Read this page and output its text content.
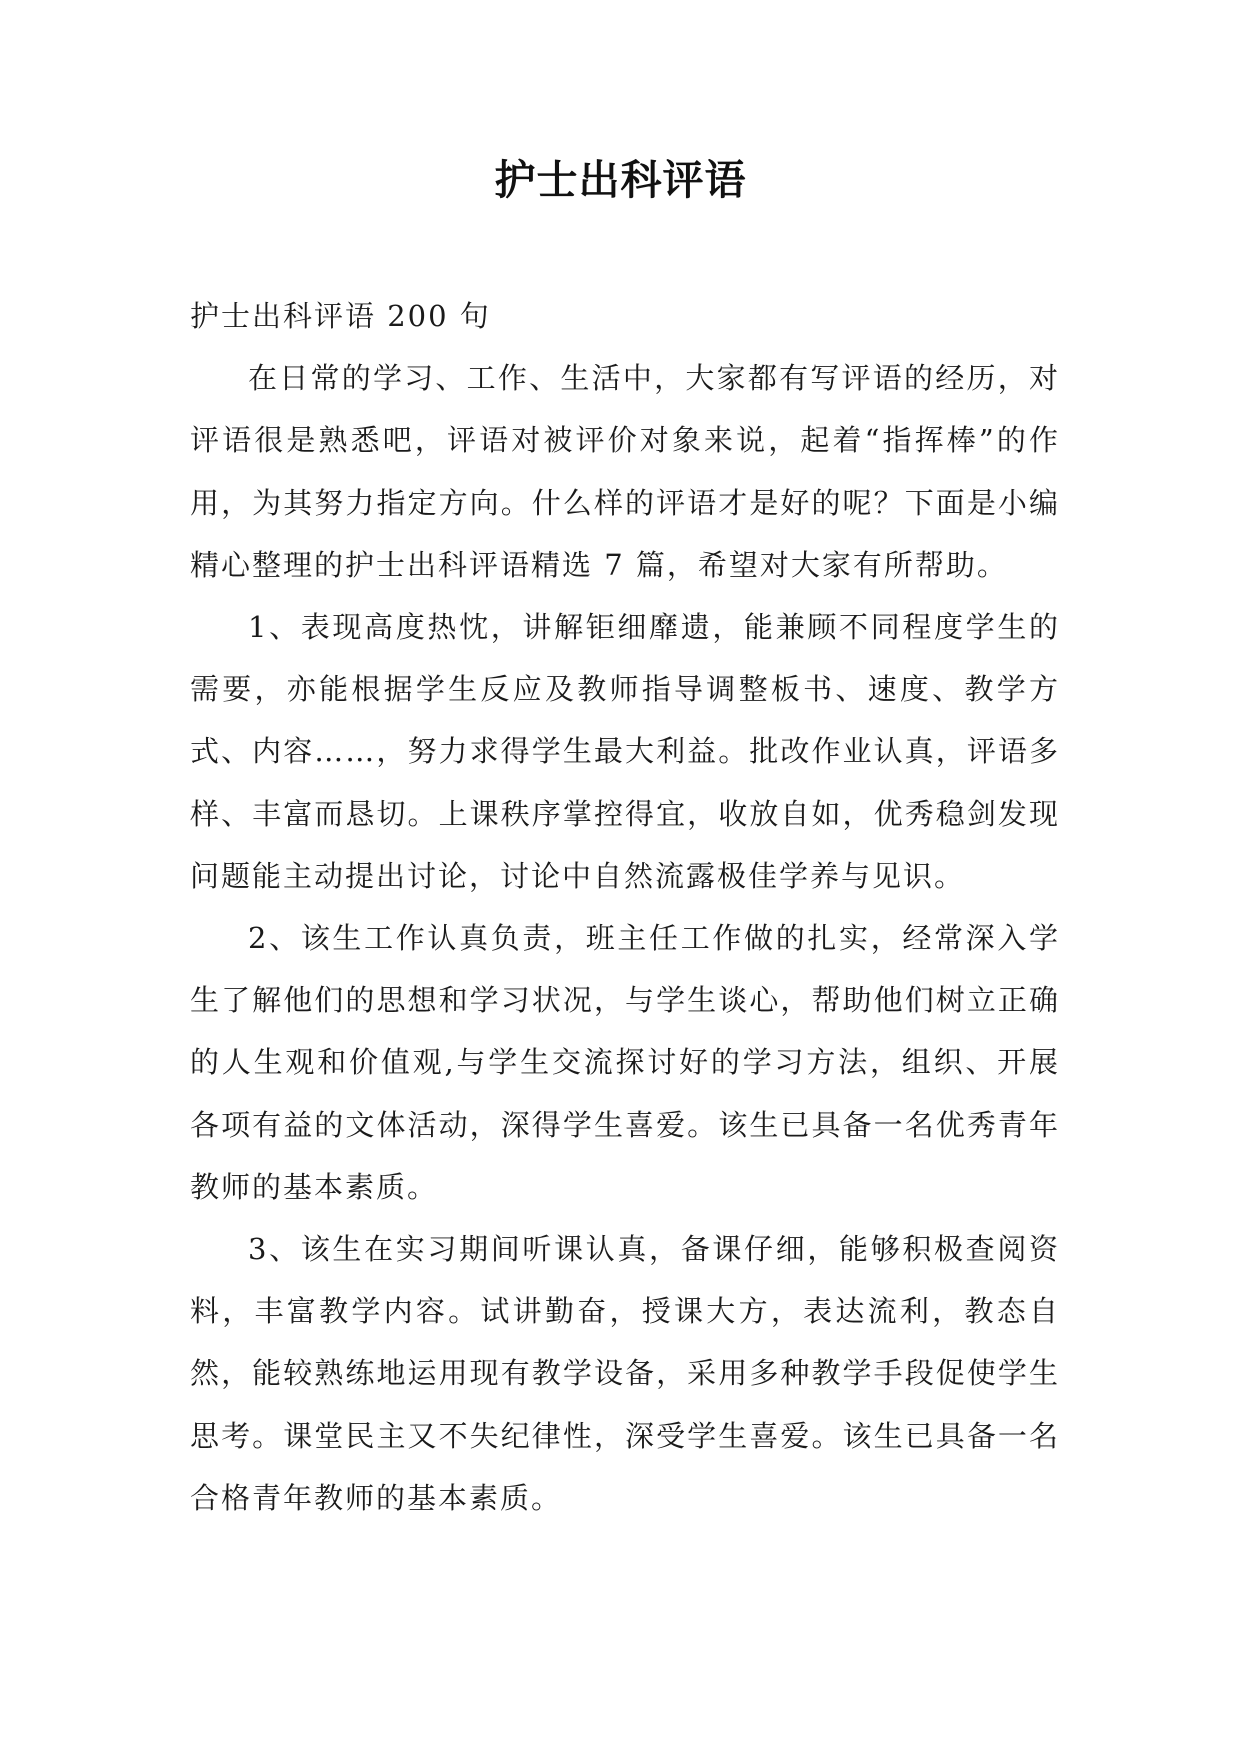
护士出科评语

护士出科评语 200 句

在日常的学习、工作、生活中，大家都有写评语的经历，对评语很是熟悉吧，评语对被评价对象来说，起着“指挥棒”的作用，为其努力指定方向。什么样的评语才是好的呢？下面是小编精心整理的护士出科评语精选 7 篇，希望对大家有所帮助。

1、表现高度热忱，讲解钜细靡遗，能兼顾不同程度学生的需要，亦能根据学生反应及教师指导调整板书、速度、教学方式、内容……，努力求得学生最大利益。批改作业认真，评语多样、丰富而恳切。上课秩序掌控得宜，收放自如，优秀稳剑发现问题能主动提出讨论，讨论中自然流露极佳学养与见识。

2、该生工作认真负责，班主任工作做的扎实，经常深入学生了解他们的思想和学习状况，与学生谈心，帮助他们树立正确的人生观和价值观,与学生交流探讨好的学习方法，组织、开展各项有益的文体活动，深得学生喜爱。该生已具备一名优秀青年教师的基本素质。

3、该生在实习期间听课认真，备课仔细，能够积极查阅资料，丰富教学内容。试讲勤奋，授课大方，表达流利，教态自然，能较熟练地运用现有教学设备，采用多种教学手段促使学生思考。课堂民主又不失纪律性，深受学生喜爱。该生已具备一名合格青年教师的基本素质。
